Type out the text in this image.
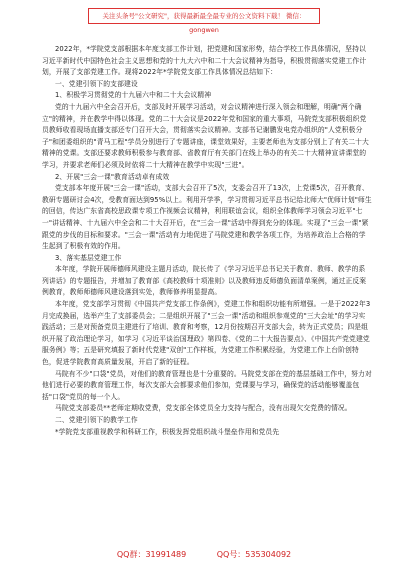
关注头条号"公文研究"，获得最新最全最专业的公文资料下载！ 微信：gongwen

2022年，*学院党支部根据本年度支部工作计划，把党建和国家形势，结合学校工作具体情况，坚持以习近平新时代中国特色社会主义思想和党的十九大六中和二十大会议精神为指导，积极贯彻落实党建工作计划，开展了支部党建工作。现将2022年*学院党支部工作具体情况总结如下：

一、党建引领下的支部建设

1、积极学习贯彻党的十九届六中和二十大会议精神

党的十九届六中全会召开后，支部及时开展学习活动，对会议精神进行深入领会和理解，明确"两个确立"的精神，并在教学中得以体现。党的二十大会议是2022年党和国家的重大事项，马院党支部积极组织党员教师收看现场直播支部还专门召开大会，贯彻落实会议精神。支部书记谢鹏发电党办组织的"人党积极分子"和团委组织的"青马工程"学员分别进行了专题讲座，课堂效果好，主要老师也为支部分别上了有关二十大精神的党课。支部还要求教师积极参与教育部、省教育厅有关部门在线上举办的有关二十大精神宣讲课堂的学习，并要求老师们必须及时依将二十大精神在教学中实现"三进"。

2、开展"三会一课"教育活动卓有成效

党支部本年度开展"三会一课"活动，支部大会召开了5次，支委会召开了13次，上党课5次，召开教育、教研专题研讨会4次，受教育面达到95%以上。利用开学季，学习贯彻习近平总书记给北师大"优师计划"师生的回信，传达广东省高校思政课专项工作视频会议精神，利用联谊会议，组织全体教师学习领会习近平"七一"讲话精神、十九届六中全会和二十大召开后，在"三会一课"活动中得到充分的体现。实现了"三会一课"紧跟党的步伐的目标和要求。"三会一课"活动有力地促进了马院党建和教学各项工作，为培养政治上合格的学生起到了积极有效的作用。

3、落实基层党建工作

本年度，学院开展师德师风建设主题月活动，院长传了《学习习近平总书记关于教育、教师、教学的系列讲话》的专题报告，并增加了教育部《高校教师十项准则》以及教师违反师德负面清单案例，通过正反案例教育，教师师德师风建设落到实处，教师修养明显提高。

本年度，党支部学习贯彻《中国共产党支部工作条例》，党建工作和组织功能有所增强。一是于2022年3月完成换届，选举产生了支部委员会；二是组织开展了"三会一课"活动和组织参观党的"三大会址"的学习实践活动；三是对预备党员主建进行了培训、教育和考察，12月份按期召开支部大会，转为正式党员；四是组织开展了政治理论学习，如学习《习近平谈治国理政》第四卷、《党的二十大报告要点》、《中国共产党党建党服务例》等；五是研究填报了新时代党建"双创"工作样板，为党建工作积累经验，为党建工作上台阶创特色，促进学院教育高质量发展，开启了新的征程。

马院有不少"口袋"党员，对他们的教育管理也是十分重要的。马院党支部在党的基层基础工作中，努力对他们进行必要的教育管理工作，每次支部大会都要求他们参加，党课要与学习，确保党的活动能够覆盖包括"口袋"党员的每一个人。

马院党支部委员**老师定期收党费，党支部全体党员全力支持与配合，没有出现欠交党费的情况。

二、党建引领下的教学工作

*学院党支部重视教学和科研工作，积极发挥党组织战斗堡垒作用和党员先

QQ群：31991489	QQ号：535304092
